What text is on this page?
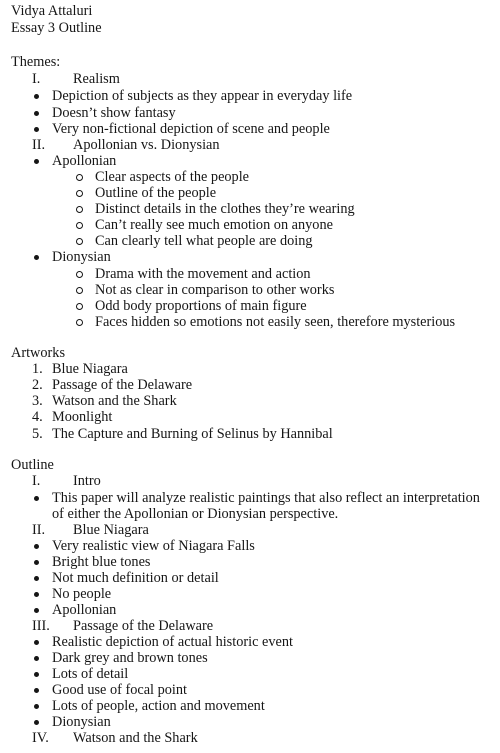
Vidya Attaluri
Essay 3 Outline
Themes:
I. Realism
Depiction of subjects as they appear in everyday life
Doesn’t show fantasy
Very non-fictional depiction of scene and people
II. Apollonian vs. Dionysian
Apollonian
Clear aspects of the people
Outline of the people
Distinct details in the clothes they’re wearing
Can’t really see much emotion on anyone
Can clearly tell what people are doing
Dionysian
Drama with the movement and action
Not as clear in comparison to other works
Odd body proportions of main figure
Faces hidden so emotions not easily seen, therefore mysterious
Artworks
1. Blue Niagara
2. Passage of the Delaware
3. Watson and the Shark
4. Moonlight
5. The Capture and Burning of Selinus by Hannibal
Outline
I. Intro
This paper will analyze realistic paintings that also reflect an interpretation
of either the Apollonian or Dionysian perspective.
II. Blue Niagara
Very realistic view of Niagara Falls
Bright blue tones
Not much definition or detail
No people
Apollonian
III. Passage of the Delaware
Realistic depiction of actual historic event
Dark grey and brown tones
Lots of detail
Good use of focal point
Lots of people, action and movement
Dionysian
IV. Watson and the Shark
